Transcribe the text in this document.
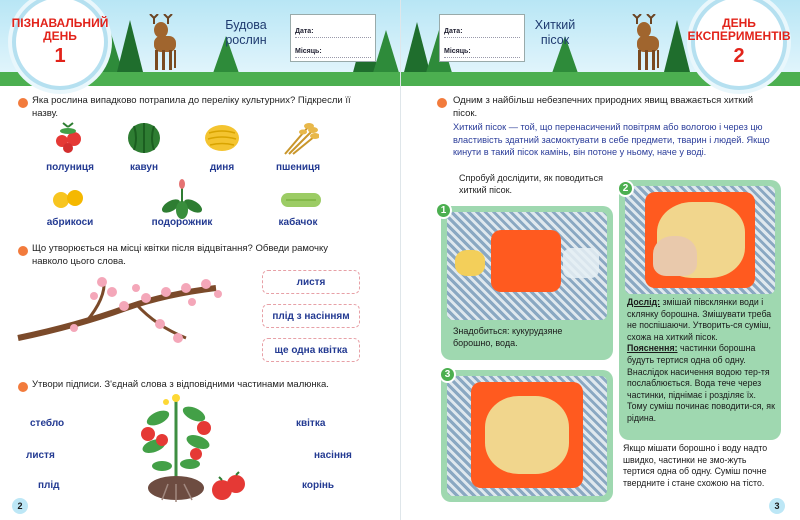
ПІЗНАВАЛЬНИЙ ДЕНЬ
1
Будова рослин
Дата:
Місяць:
Яка рослина випадково потрапила до переліку культурних? Підкресли її назву.
полуниця	кавун	диня	пшениця
абрикоси	подорожник	кабачок
Що утворюється на місці квітки після відцвітання? Обведи рамочку навколо цього слова.
листя
плід з насінням
ще одна квітка
Утвори підписи. З'єднай слова з відповідними частинами малюнка.
стебло
листя
плід
квітка
насіння
корінь
2
Дата:
Місяць:
Хиткий пісок
ДЕНЬ ЕКСПЕРИМЕНТІВ
2
Одним з найбільш небезпечних природних явищ вважається хиткий пісок.
Хиткий пісок — той, що перенасичений повітрям або вологою і через цю властивість здатний засмоктувати в себе предмети, тварин і людей. Якщо кинути в такий пісок камінь, він потоне у ньому, наче у воді.
Спробуй дослідити, як поводиться хиткий пісок.
1
Знадобиться: кукурудзяне борошно, вода.
3
2
Дослід: змішай півсклянки води і склянку борошна. Змішувати треба не поспішаючи. Утворить-ся суміш, схожа на хиткий пісок.
Пояснення: частинки борошна будуть тертися одна об одну. Внаслідок насичення водою тер-тя послаблюється. Вода тече через частинки, піднімає і розділяє їх. Тому суміш починає поводити-ся, як рідина.
Якщо мішати борошно і воду надто швидко, частинки не змо-жуть тертися одна об одну. Суміш почне твердните і стане схожою на тісто.
3
